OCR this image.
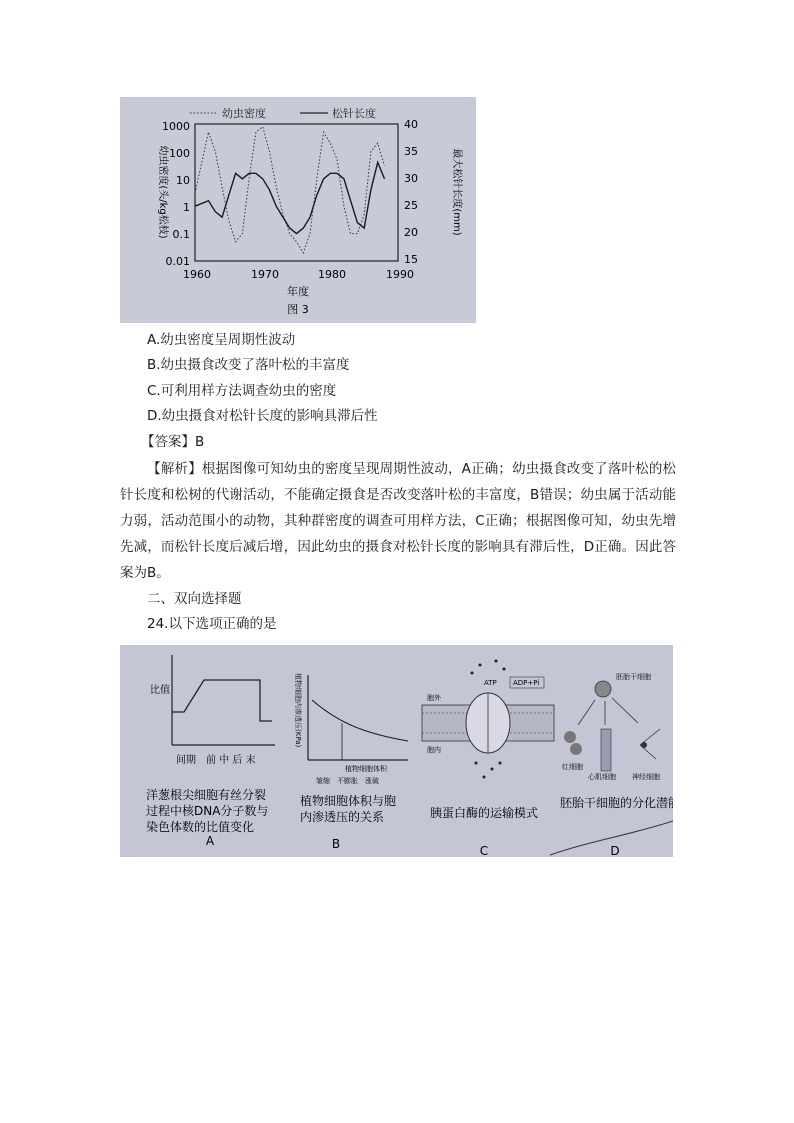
幼虫密度	松针长度
1000
100
10
1
0.1
0.01
40
35
30
25
20
15
幼虫密度(头/kg松枝)	最大松针长度(mm)
1960	1970	1980	1990
年度
图 3
A.幼虫密度呈周期性波动
B.幼虫摄食改变了落叶松的丰富度
C.可利用样方法调查幼虫的密度
D.幼虫摄食对松针长度的影响具滞后性
【答案】B
【解析】根据图像可知幼虫的密度呈现周期性波动，A正确；幼虫摄食改变了落叶松的松针长度和松树的代谢活动，不能确定摄食是否改变落叶松的丰富度，B错误；幼虫属于活动能力弱，活动范围小的动物，其种群密度的调查可用样方法，C正确；根据图像可知，幼虫先增先减，而松针长度后减后增，因此幼虫的摄食对松针长度的影响具有滞后性，D正确。因此答案为B。
二、双向选择题
24.以下选项正确的是
比值
间期　前 中 后 末
洋葱根尖细胞有丝分裂
过程中核DNA分子数与
染色体数的比值变化
A
植物细胞内渗透压(KPa)
植物细胞体积
皱缩　不膨胀　涨破
植物细胞体积与胞
内渗透压的关系
B
ATP ADP+Pi
胞外
胞内
胰蛋白酶的运输模式
C
胚胎干细胞
红细胞
心肌细胞 神经细胞
胚胎干细胞的分化潜能
D
